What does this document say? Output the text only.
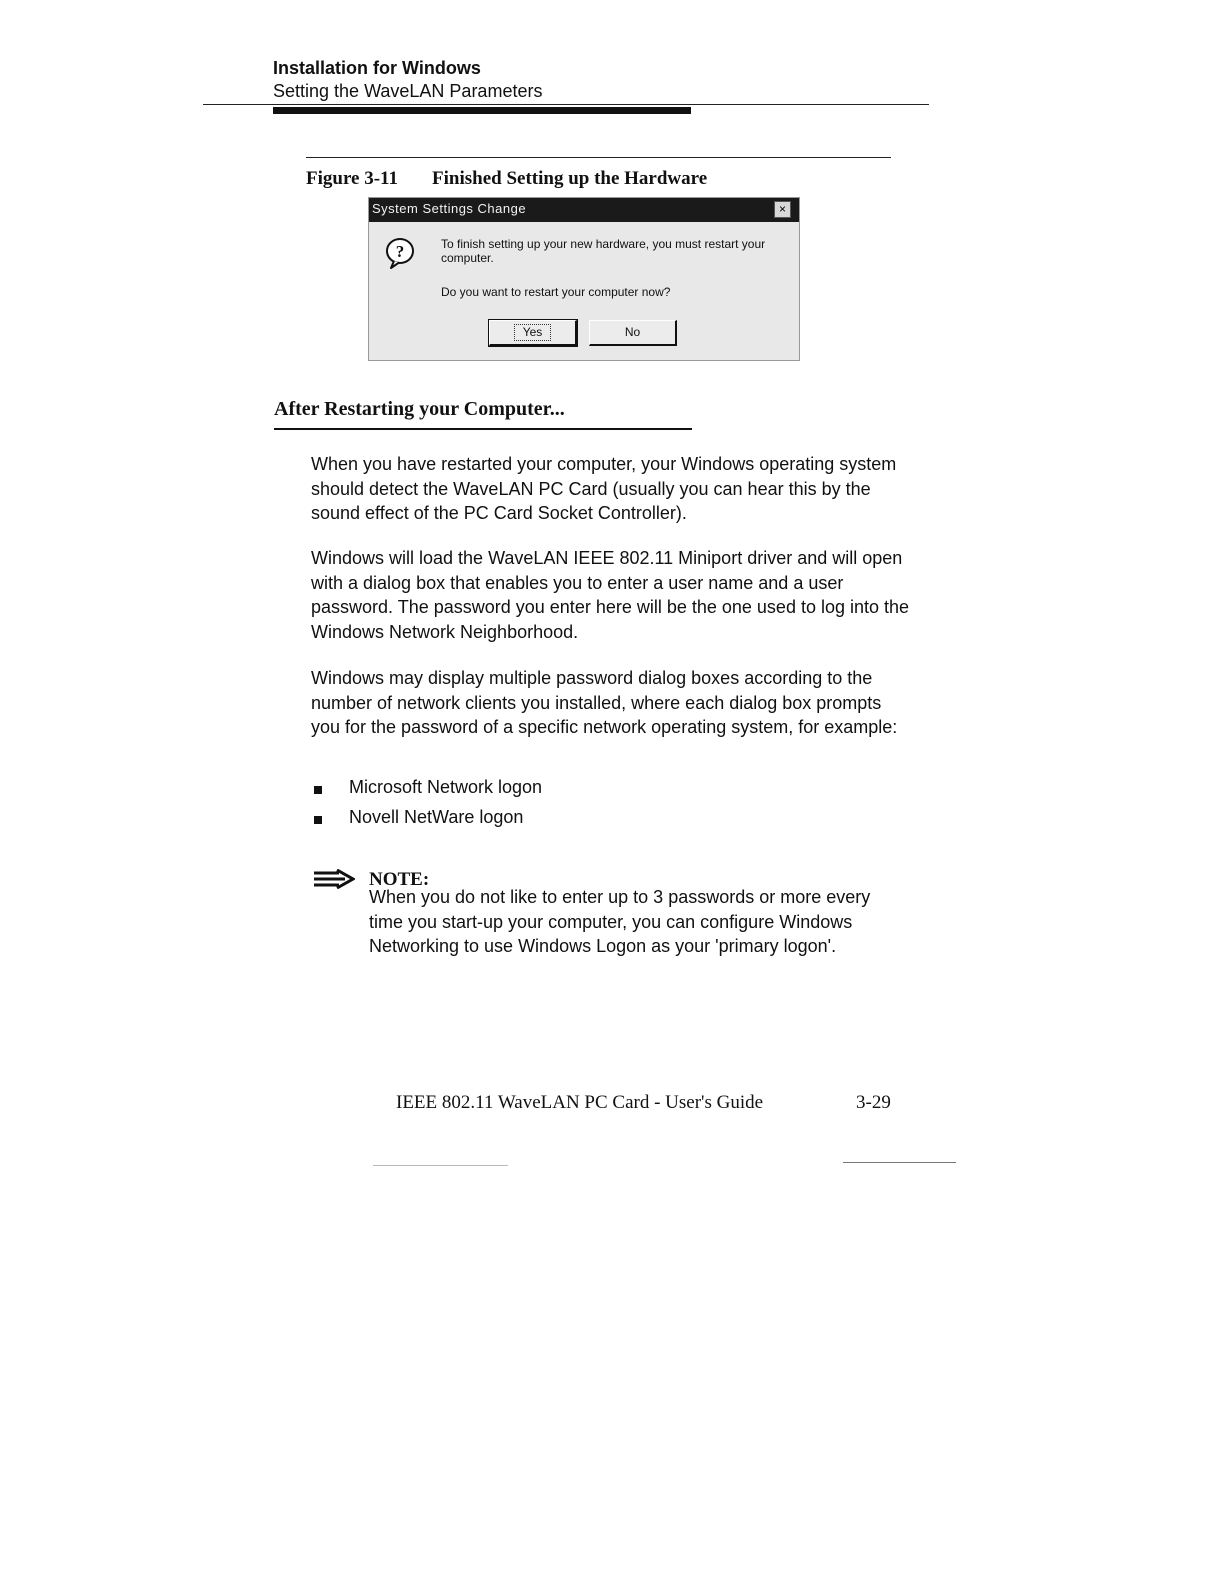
Installation for Windows
Setting the WaveLAN Parameters
Figure 3-11 Finished Setting up the Hardware
System Settings Change	×
?	To finish setting up your new hardware, you must restart your computer.
Do you want to restart your computer now?
Yes	No
After Restarting your Computer...

When you have restarted your computer, your Windows operating system should detect the WaveLAN PC Card (usually you can hear this by the sound effect of the PC Card Socket Controller).

Windows will load the WaveLAN IEEE 802.11 Miniport driver and will open with a dialog box that enables you to enter a user name and a user password. The password you enter here will be the one used to log into the Windows Network Neighborhood.

Windows may display multiple password dialog boxes according to the number of network clients you installed, where each dialog box prompts you for the password of a specific network operating system, for example:

Microsoft Network logon
Novell NetWare logon
NOTE:

When you do not like to enter up to 3 passwords or more every time you start-up your computer, you can configure Windows Networking to use Windows Logon as your 'primary logon'.

IEEE 802.11 WaveLAN PC Card - User's Guide	3-29
